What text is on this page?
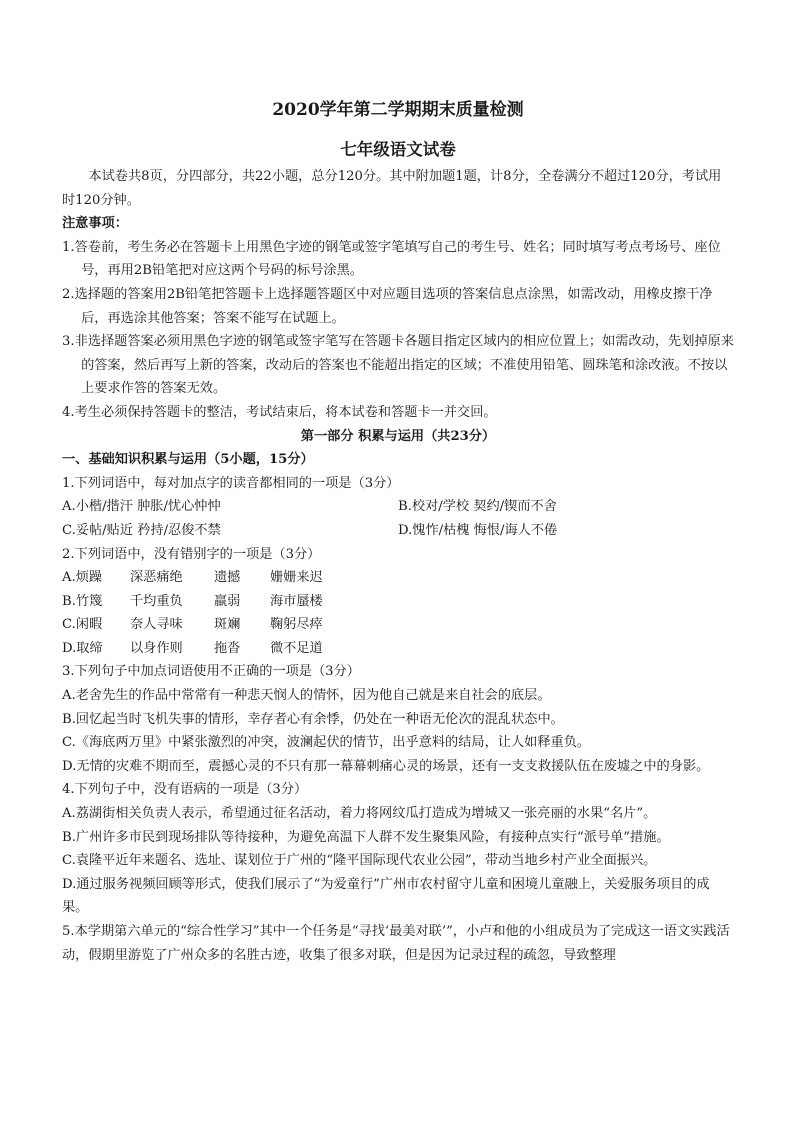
2020学年第二学期期末质量检测

七年级语文试卷

本试卷共8页，分四部分，共22小题，总分120分。其中附加题1题，计8分，全卷满分不超过120分，考试用时120分钟。

注意事项：

1.答卷前，考生务必在答题卡上用黑色字迹的钢笔或签字笔填写自己的考生号、姓名；同时填写考点考场号、座位号，再用2B铅笔把对应这两个号码的标号涂黑。

2.选择题的答案用2B铅笔把答题卡上选择题答题区中对应题目选项的答案信息点涂黑，如需改动，用橡皮擦干净后，再选涂其他答案；答案不能写在试题上。

3.非选择题答案必须用黑色字迹的钢笔或签字笔写在答题卡各题目指定区域内的相应位置上；如需改动，先划掉原来的答案，然后再写上新的答案，改动后的答案也不能超出指定的区域；不准使用铅笔、圆珠笔和涂改液。不按以上要求作答的答案无效。

4.考生必须保持答题卡的整洁，考试结束后，将本试卷和答题卡一并交回。

第一部分 积累与运用（共23分）

一、基础知识积累与运用（5小题，15分）

1.下列词语中，每对加点字的读音都相同的一项是（3分）

A.小楷/揩汗 肿胀/忧心忡忡	B.校对/学校 契约/锲而不舍
C.妥帖/贴近 矜持/忍俊不禁	D.愧怍/枯槐 悔恨/诲人不倦

2.下列词语中，没有错别字的一项是（3分）

A.烦躁	深恶痛绝	遗撼	姗姗来迟
B.竹篾	千均重负	羸弱	海市蜃楼
C.闲暇	奈人寻味	斑斓	鞠躬尽瘁
D.取缔	以身作则	拖沓	微不足道

3.下列句子中加点词语使用不正确的一项是（3分）

A.老舍先生的作品中常常有一种悲天悯人的情怀，因为他自己就是来自社会的底层。

B.回忆起当时飞机失事的情形，幸存者心有余悸，仍处在一种语无伦次的混乱状态中。

C.《海底两万里》中紧张激烈的冲突，波澜起伏的情节，出乎意料的结局，让人如释重负。

D.无情的灾难不期而至，震撼心灵的不只有那一幕幕刺痛心灵的场景，还有一支支救援队伍在废墟之中的身影。

4.下列句子中，没有语病的一项是（3分）

A.荔湖街相关负责人表示，希望通过征名活动，着力将网纹瓜打造成为增城又一张亮丽的水果“名片”。

B.广州许多市民到现场排队等待接种，为避免高温下人群不发生聚集风险，有接种点实行“派号单”措施。

C.袁隆平近年来题名、选址、谋划位于广州的“隆平国际现代农业公园”，带动当地乡村产业全面振兴。

D.通过服务视频回顾等形式，使我们展示了“为爱童行”广州市农村留守儿童和困境儿童融上，关爱服务项目的成果。

5.本学期第六单元的“综合性学习”其中一个任务是“寻找‘最美对联’”，小卢和他的小组成员为了完成这一语文实践活动，假期里游览了广州众多的名胜古迹，收集了很多对联，但是因为记录过程的疏忽，导致整理
